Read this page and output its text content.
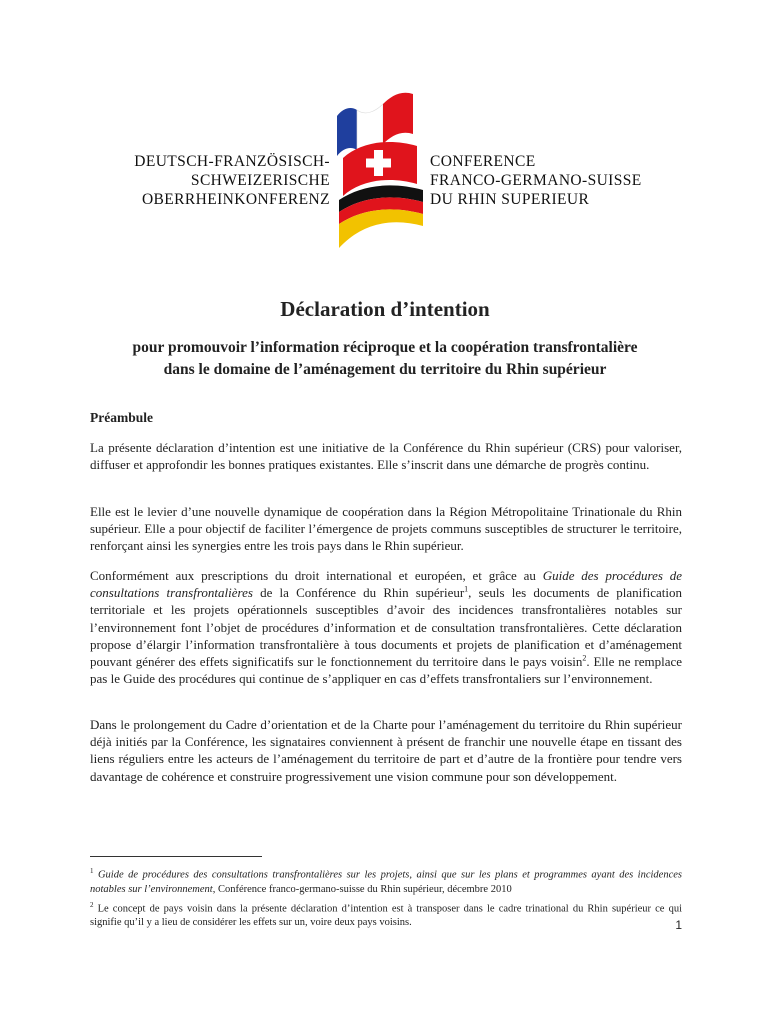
DEUTSCH-FRANZÖSISCH-
SCHWEIZERISCHE
OBERRHEINKONFERENZ
CONFERENCE
FRANCO-GERMANO-SUISSE
DU RHIN SUPERIEUR
Déclaration d’intention
pour promouvoir l’information réciproque et la coopération transfrontalière
dans le domaine de l’aménagement du territoire du Rhin supérieur
Préambule
La présente déclaration d’intention est une initiative de la Conférence du Rhin supérieur (CRS) pour valoriser, diffuser et approfondir les bonnes pratiques existantes. Elle s’inscrit dans une démarche de progrès continu.
Elle est le levier d’une nouvelle dynamique de coopération dans la Région Métropolitaine Trinationale du Rhin supérieur. Elle a pour objectif de faciliter l’émergence de projets communs susceptibles de structurer le territoire, renforçant ainsi les synergies entre les trois pays dans le Rhin supérieur.
Conformément aux prescriptions du droit international et européen, et grâce au Guide des procédures de consultations transfrontalières de la Conférence du Rhin supérieur$^1$, seuls les documents de planification territoriale et les projets opérationnels susceptibles d’avoir des incidences transfrontalières notables sur l’environnement font l’objet de procédures d’information et de consultation transfrontalières. Cette déclaration propose d’élargir l’information transfrontalière à tous documents et projets de planification et d’aménagement pouvant générer des effets significatifs sur le fonctionnement du territoire dans le pays voisin$^2$. Elle ne remplace pas le Guide des procédures qui continue de s’appliquer en cas d’effets transfrontaliers sur l’environnement.
Dans le prolongement du Cadre d’orientation et de la Charte pour l’aménagement du territoire du Rhin supérieur déjà initiés par la Conférence, les signataires conviennent à présent de franchir une nouvelle étape en tissant des liens réguliers entre les acteurs de l’aménagement du territoire de part et d’autre de la frontière pour tendre vers davantage de cohérence et construire progressivement une vision commune pour son développement.

$^1$ Guide de procédures des consultations transfrontalières sur les projets, ainsi que sur les plans et programmes ayant des incidences notables sur l’environnement, Conférence franco-germano-suisse du Rhin supérieur, décembre 2010

$^2$ Le concept de pays voisin dans la présente déclaration d’intention est à transposer dans le cadre trinational du Rhin supérieur ce qui signifie qu’il y a lieu de considérer les effets sur un, voire deux pays voisins.	1
